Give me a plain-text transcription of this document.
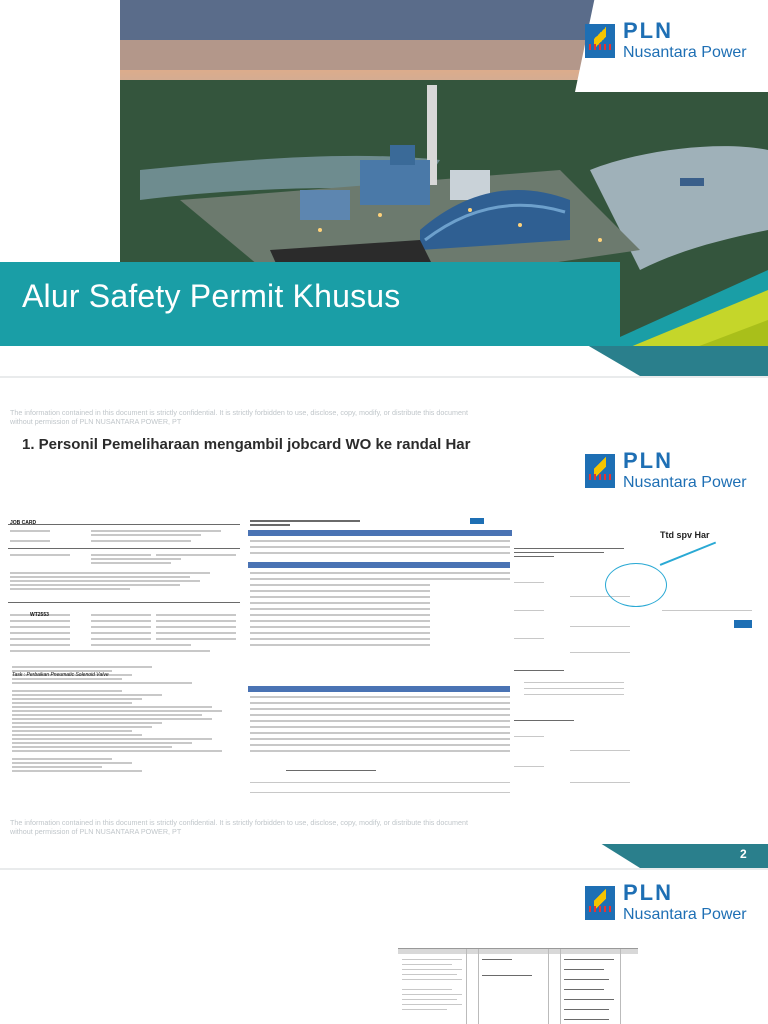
PLN
Nusantara Power
Alur Safety Permit Khusus
The information contained in this document is strictly confidential. It is strictly forbidden to use, disclose, copy, modify, or distribute this document without permission of PLN NUSANTARA POWER, PT
1. Personil Pemeliharaan mengambil jobcard WO ke randal Har
PLN
Nusantara Power
JOB CARD
WT2553
Task : Perbaikan Pneumatic Solenoid Valve
Ttd spv Har
The information contained in this document is strictly confidential. It is strictly forbidden to use, disclose, copy, modify, or distribute this document without permission of PLN NUSANTARA POWER, PT
2
PLN
Nusantara Power
